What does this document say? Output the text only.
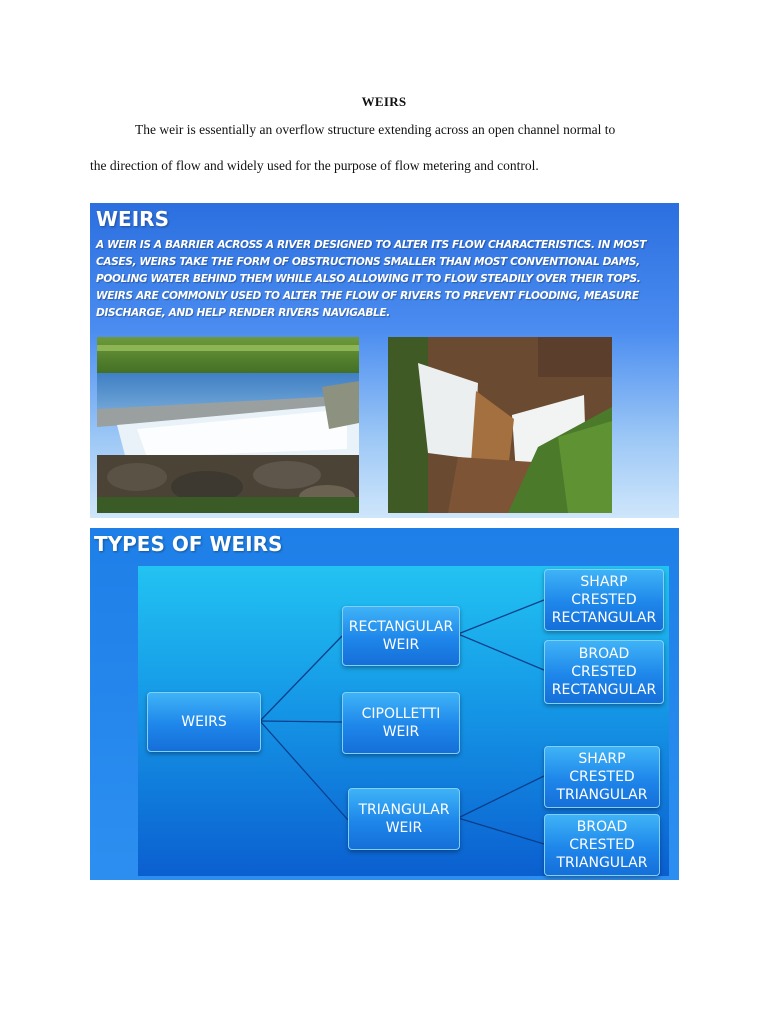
WEIRS
The weir is essentially an overflow structure extending across an open channel normal to
the direction of flow and widely used for the purpose of flow metering and control.
WEIRS
A WEIR IS A BARRIER ACROSS A RIVER DESIGNED TO ALTER ITS FLOW CHARACTERISTICS. IN MOST CASES, WEIRS TAKE THE FORM OF OBSTRUCTIONS SMALLER THAN MOST CONVENTIONAL DAMS, POOLING WATER BEHIND THEM WHILE ALSO ALLOWING IT TO FLOW STEADILY OVER THEIR TOPS. WEIRS ARE COMMONLY USED TO ALTER THE FLOW OF RIVERS TO PREVENT FLOODING, MEASURE DISCHARGE, AND HELP RENDER RIVERS NAVIGABLE.
TYPES OF WEIRS
WEIRS
RECTANGULAR
WEIR
CIPOLLETTI
WEIR
TRIANGULAR
WEIR
SHARP
CRESTED
RECTANGULAR
BROAD
CRESTED
RECTANGULAR
SHARP
CRESTED
TRIANGULAR
BROAD
CRESTED
TRIANGULAR
